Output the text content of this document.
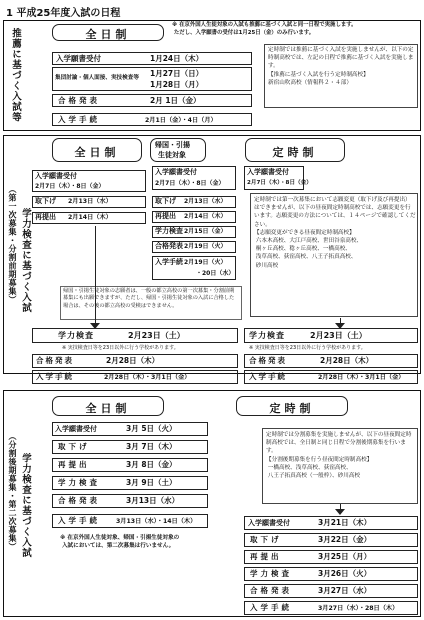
1 平成25年度入試の日程
推薦に基づく入試等	全日制
※ 在京外国人生徒対象の入試も推薦に基づく入試と同一日程で実施します。
ただし、入学願書の受付は1月25日（金）のみ行います。
入学願書受付	1月24日（木）
集団討論・個人面接、実技検査等 1月27日（日）
1月28日（月）
合格発表	2月 1日（金）
入学手続	2月1日（金）・4日（月）
定時制では推薦に基づく入試を実施しませんが、以下の定時制高校では、左記の日程で推薦に基づく入試を実施します。
【推薦に基づく入試を行う定時制高校】
新宿山吹高校（情報科２・４部）
学力検査に基づく入試
（第一次募集・分割前期募集）
全日制
帰国・引揚
生徒対象	定時制
入学願書受付
2月7日（木）・8日（金）
取下げ 2月13日（水）
再提出 2月14日（木）
入学願書受付
2月7日（木）・8日（金）
取下げ 2月13日（水）
再提出 2月14日（木）
学力検査 2月15日（金）
合格発表 2月19日（火）
入学手続 2月19日（火）
・20日（水）
入学願書受付
2月7日（木）・8日（金）
定時制では第一次募集において志願変更（取下げ及び再提出）はできませんが、以下の昼夜間定時制高校では、志願変更を行います。志願変更の方法については、１４ページで確認してください。
【志願変更ができる昼夜間定時制高校】
六本木高校、大江戸高校、世田谷泉高校、
桐ヶ丘高校、稔ヶ丘高校、一橋高校、
浅草高校、荻窪高校、八王子拓真高校、
砂川高校
帰国・引揚生徒対象の志願者は、一般の都立高校の第一次募集・分割前期募集にも出願できますが、ただし、帰国・引揚生徒対象の入試に合格した場合は、その後の都立高校の受検はできません。
学力検査	2月23日（土）
※ 実技検査日等を23日以外に行う学校があります。
学力検査	2月23日（土）
※ 実技検査日等を23日以外に行う学校があります。
合格発表	2月28日（木）	合格発表	2月28日（木）
入学手続	2月28日（木）・3月1日（金）	入学手続	2月28日（木）・3月1日（金）
学力検査に基づく入試
（分割後期募集・第二次募集）
全日制	定時制
入学願書受付	3月 5日（火）
取下げ	3月 7日（木）
再提出	3月 8日（金）
学力検査	3月 9日（土）
合格発表	3月13日（水）
入学手続	3月13日（水）・14日（木）
※ 在京外国人生徒対象、帰国・引揚生徒対象の
入試においては、第二次募集は行いません。
定時制では分割募集を実施しませんが、以下の昼夜間定時制高校では、全日制と同じ日程で分割後期募集を行います。
【分割後期募集を行う昼夜間定時制高校】
一橋高校、浅草高校、荻窪高校、
八王子拓真高校（一般枠）、砂川高校
入学願書受付	3月21日（木）
取下げ	3月22日（金）
再提出	3月25日（月）
学力検査	3月26日（火）
合格発表	3月27日（水）
入学手続	3月27日（水）・28日（木）
